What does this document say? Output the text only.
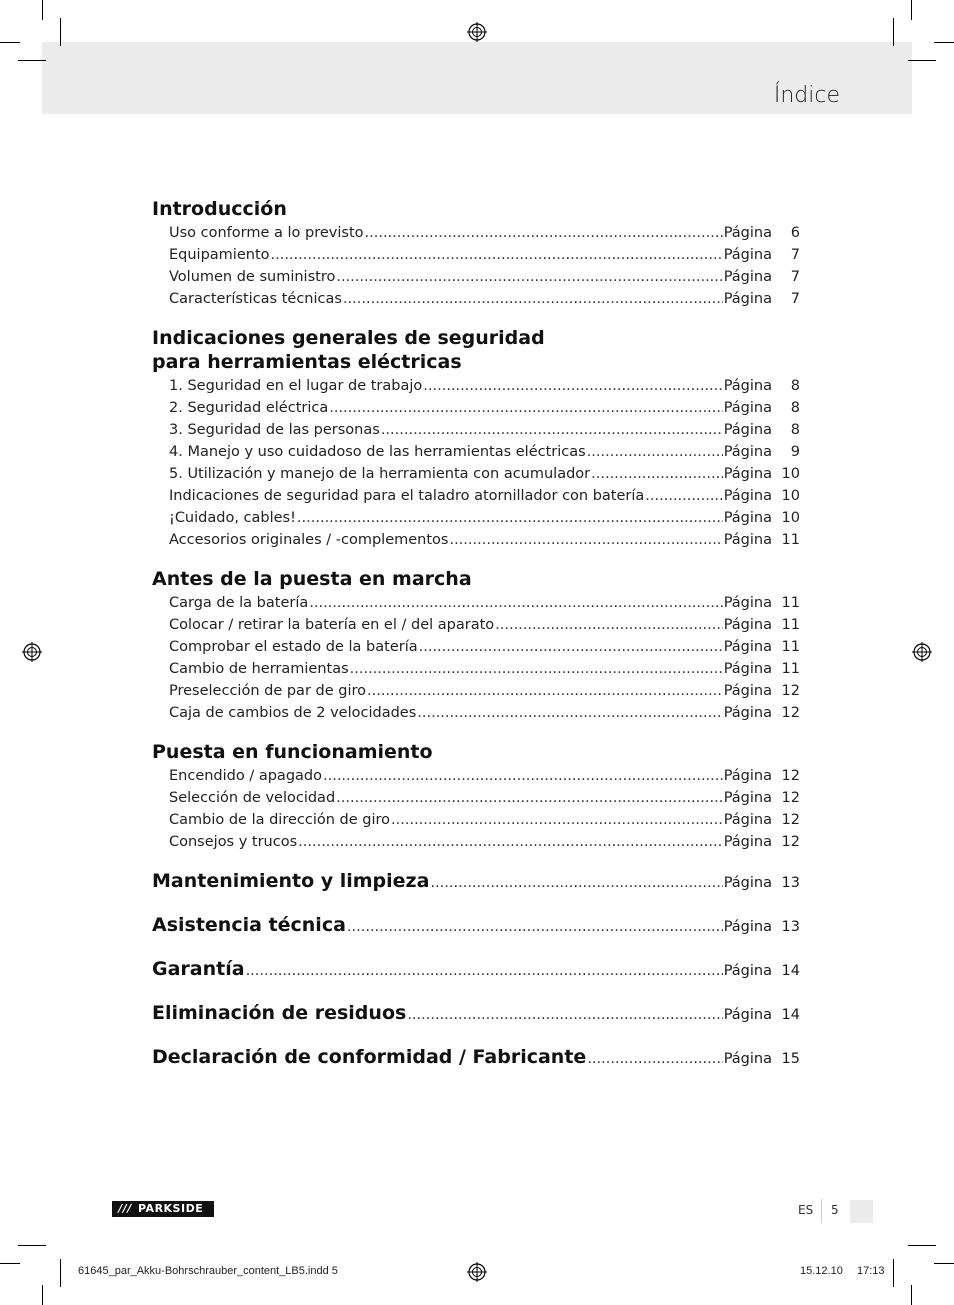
Índice
Introducción
Uso conforme a lo previsto .....	Página	6
Equipamiento .....	Página	7
Volumen de suministro .....	Página	7
Características técnicas .....	Página	7
Indicaciones generales de seguridad
para herramientas eléctricas
1. Seguridad en el lugar de trabajo .....	Página	8
2. Seguridad eléctrica .....	Página	8
3. Seguridad de las personas .....	Página	8
4. Manejo y uso cuidadoso de las herramientas eléctricas .....	Página	9
5. Utilización y manejo de la herramienta con acumulador .....	Página 10
Indicaciones de seguridad para el taladro atornillador con batería .....	Página 10
¡Cuidado, cables! .....	Página 10
Accesorios originales / -complementos .....	Página 11
Antes de la puesta en marcha
Carga de la batería .....	Página 11
Colocar / retirar la batería en el / del aparato .....	Página 11
Comprobar el estado de la batería .....	Página 11
Cambio de herramientas .....	Página 11
Preselección de par de giro .....	Página 12
Caja de cambios de 2 velocidades .....	Página 12
Puesta en funcionamiento
Encendido / apagado .....	Página 12
Selección de velocidad .....	Página 12
Cambio de la dirección de giro .....	Página 12
Consejos y trucos .....	Página 12
Mantenimiento y limpieza .....	Página 13
Asistencia técnica .....	Página 13
Garantía .....	Página 14
Eliminación de residuos .....	Página 14
Declaración de conformidad / Fabricante .....	Página 15
/// PARKSIDE	ES 5
61645_par_Akku-Bohrschrauber_content_LB5.indd 5	15.12.10 17:13
